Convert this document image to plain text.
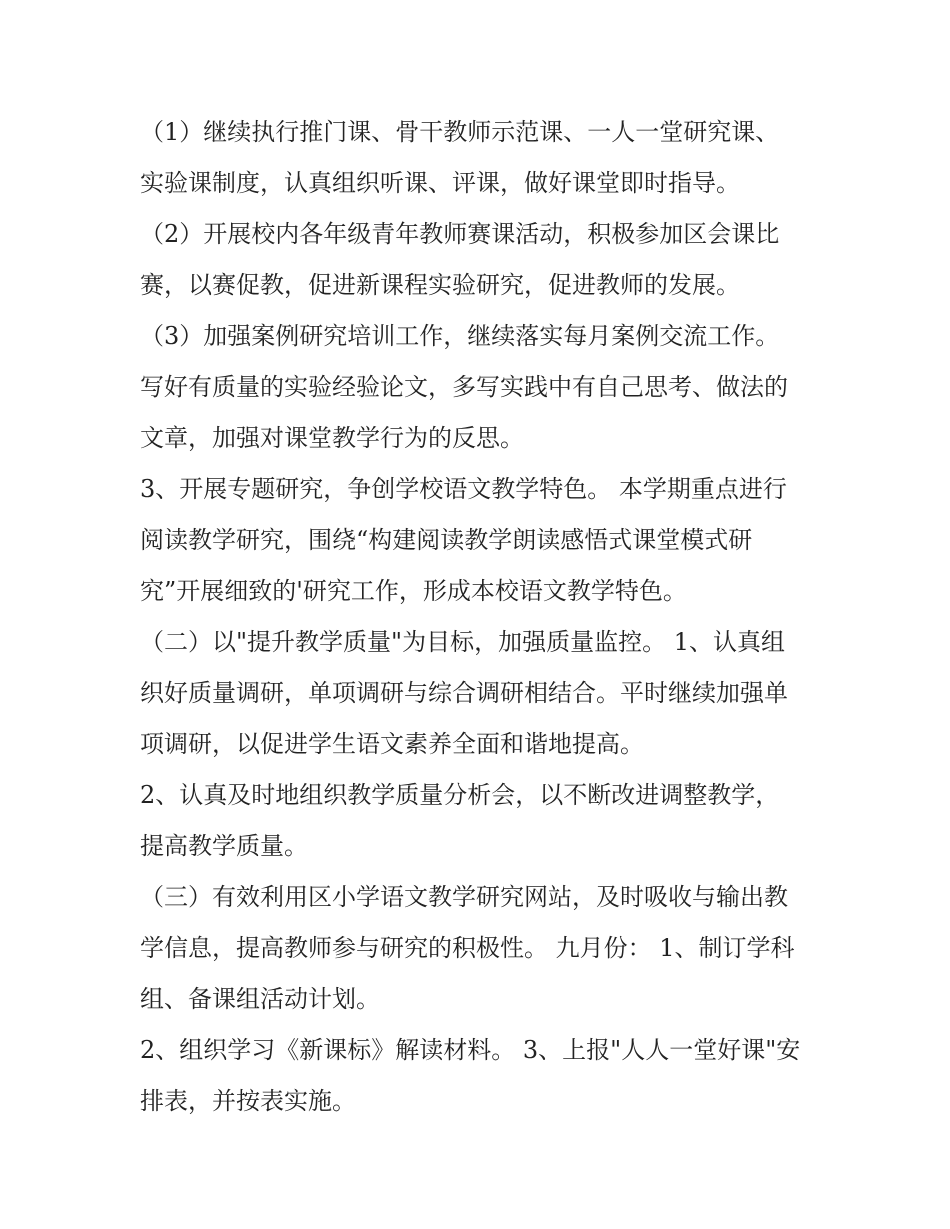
（1）继续执行推门课、骨干教师示范课、一人一堂研究课、
实验课制度，认真组织听课、评课，做好课堂即时指导。
（2）开展校内各年级青年教师赛课活动，积极参加区会课比
赛，以赛促教，促进新课程实验研究，促进教师的发展。
（3）加强案例研究培训工作，继续落实每月案例交流工作。
写好有质量的实验经验论文，多写实践中有自己思考、做法的
文章，加强对课堂教学行为的反思。
3、开展专题研究，争创学校语文教学特色。 本学期重点进行
阅读教学研究，围绕“构建阅读教学朗读感悟式课堂模式研
究”开展细致的'研究工作，形成本校语文教学特色。
（二）以"提升教学质量"为目标，加强质量监控。 1、认真组
织好质量调研，单项调研与综合调研相结合。平时继续加强单
项调研，以促进学生语文素养全面和谐地提高。
2、认真及时地组织教学质量分析会，以不断改进调整教学，
提高教学质量。
（三）有效利用区小学语文教学研究网站，及时吸收与输出教
学信息，提高教师参与研究的积极性。 九月份： 1、制订学科
组、备课组活动计划。
2、组织学习《新课标》解读材料。 3、上报"人人一堂好课"安
排表，并按表实施。
